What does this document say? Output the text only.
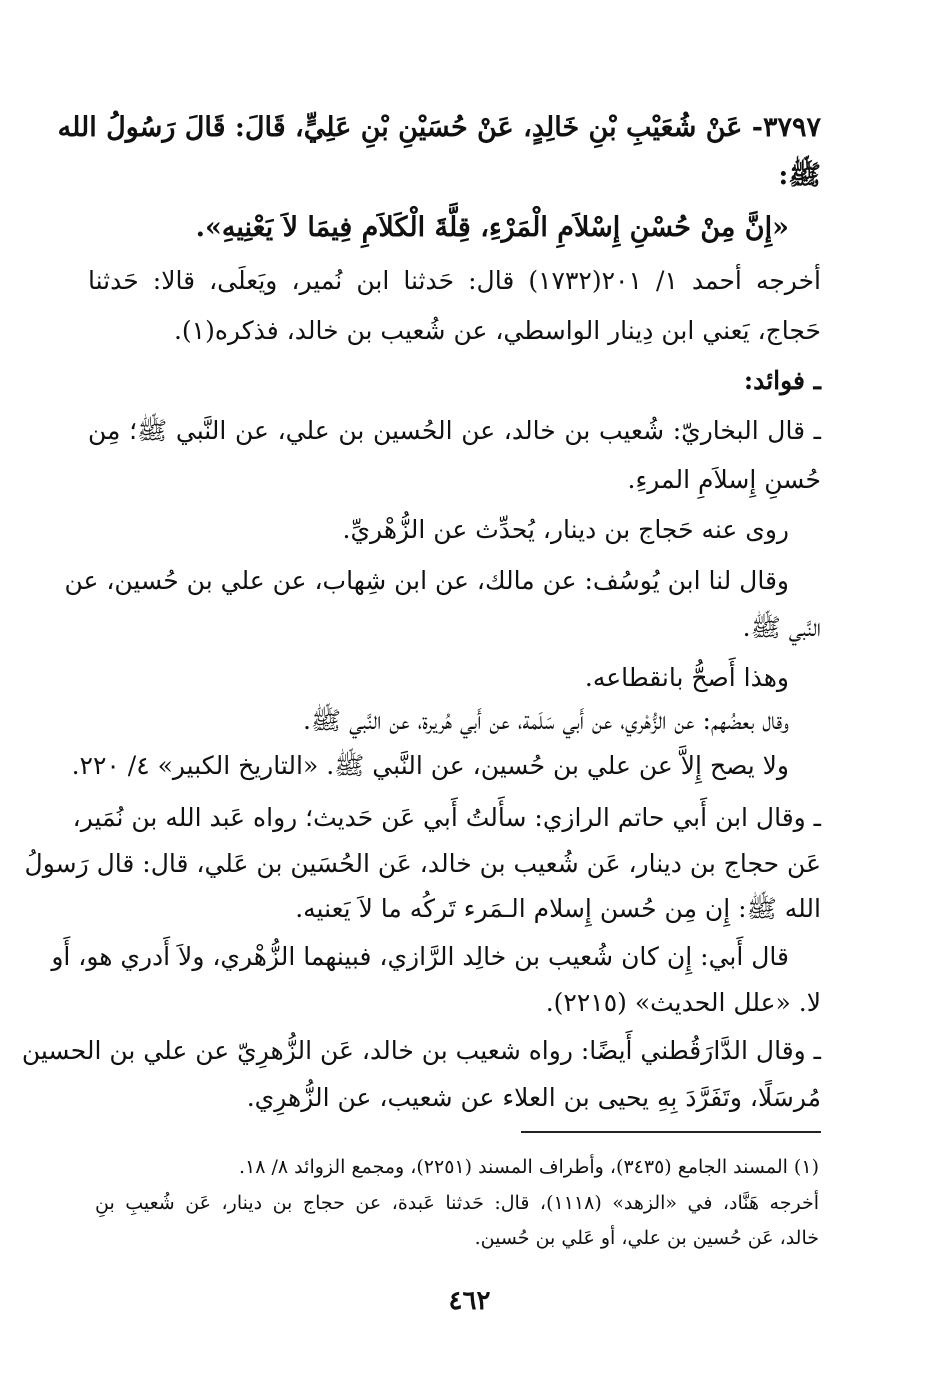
٣٧٩٧- عَنْ شُعَيْبِ بْنِ خَالِدٍ، عَنْ حُسَيْنِ بْنِ عَلِيٍّ، قَالَ: قَالَ رَسُولُ الله
ﷺ:
«إِنَّ مِنْ حُسْنِ إِسْلاَمِ الْمَرْءِ، قِلَّةَ الْكَلاَمِ فِيمَا لاَ يَعْنِيهِ».
أخرجه أحمد ١/ ٢٠١(١٧٣٢) قال: حَدثنا ابن نُمير، ويَعلَى، قالا: حَدثنا
حَجاج، يَعني ابن دِينار الواسطي، عن شُعيب بن خالد، فذكره(١).
ـ فوائد:
ـ قال البخاريّ: شُعيب بن خالد، عن الحُسين بن علي، عن النَّبي ﷺ؛ مِن
حُسنِ إِسلاَمِ المرءِ.
روى عنه حَجاج بن دينار، يُحدِّث عن الزُّهْريِّ.
وقال لنا ابن يُوسُف: عن مالك، عن ابن شِهاب، عن علي بن حُسين، عن
النَّبي ﷺ.
وهذا أَصحُّ بانقطاعه.
وقال بعضُهم: عن الزُّهْري، عن أَبي سَلَمة، عن أَبي هُريرة، عن النَّبي ﷺ.
ولا يصح إِلاَّ عن علي بن حُسين، عن النَّبي ﷺ. «التاريخ الكبير» ٤/ ٢٢٠.
ـ وقال ابن أَبي حاتم الرازي: سأَلتُ أَبي عَن حَديث؛ رواه عَبد الله بن نُمَير،
عَن حجاج بن دينار، عَن شُعيب بن خالد، عَن الحُسَين بن عَلي، قال: قال رَسولُ
الله ﷺ: إِن مِن حُسن إِسلام الـمَرء تَركُه ما لاَ يَعنيه.
قال أَبي: إِن كان شُعيب بن خالِد الرَّازي، فبينهما الزُّهْري، ولاَ أَدري هو، أَو
لا. «علل الحديث» (٢٢١٥).
ـ وقال الدَّارَقُطني أَيضًا: رواه شعيب بن خالد، عَن الزُّهرِيّ عن علي بن الحسين
مُرسَلًا، وتَفَرَّدَ بِهِ يحيى بن العلاء عن شعيب، عن الزُّهرِي.
(١) المسند الجامع (٣٤٣٥)، وأطراف المسند (٢٢٥١)، ومجمع الزوائد ٨/ ١٨.
أخرجه هَنَّاد، في «الزهد» (١١١٨)، قال: حَدثنا عَبدة، عن حجاج بن دينار، عَن شُعيبِ بنِ
خالد، عَن حُسين بن علي، أو عَلي بن حُسين.
٤٦٢
